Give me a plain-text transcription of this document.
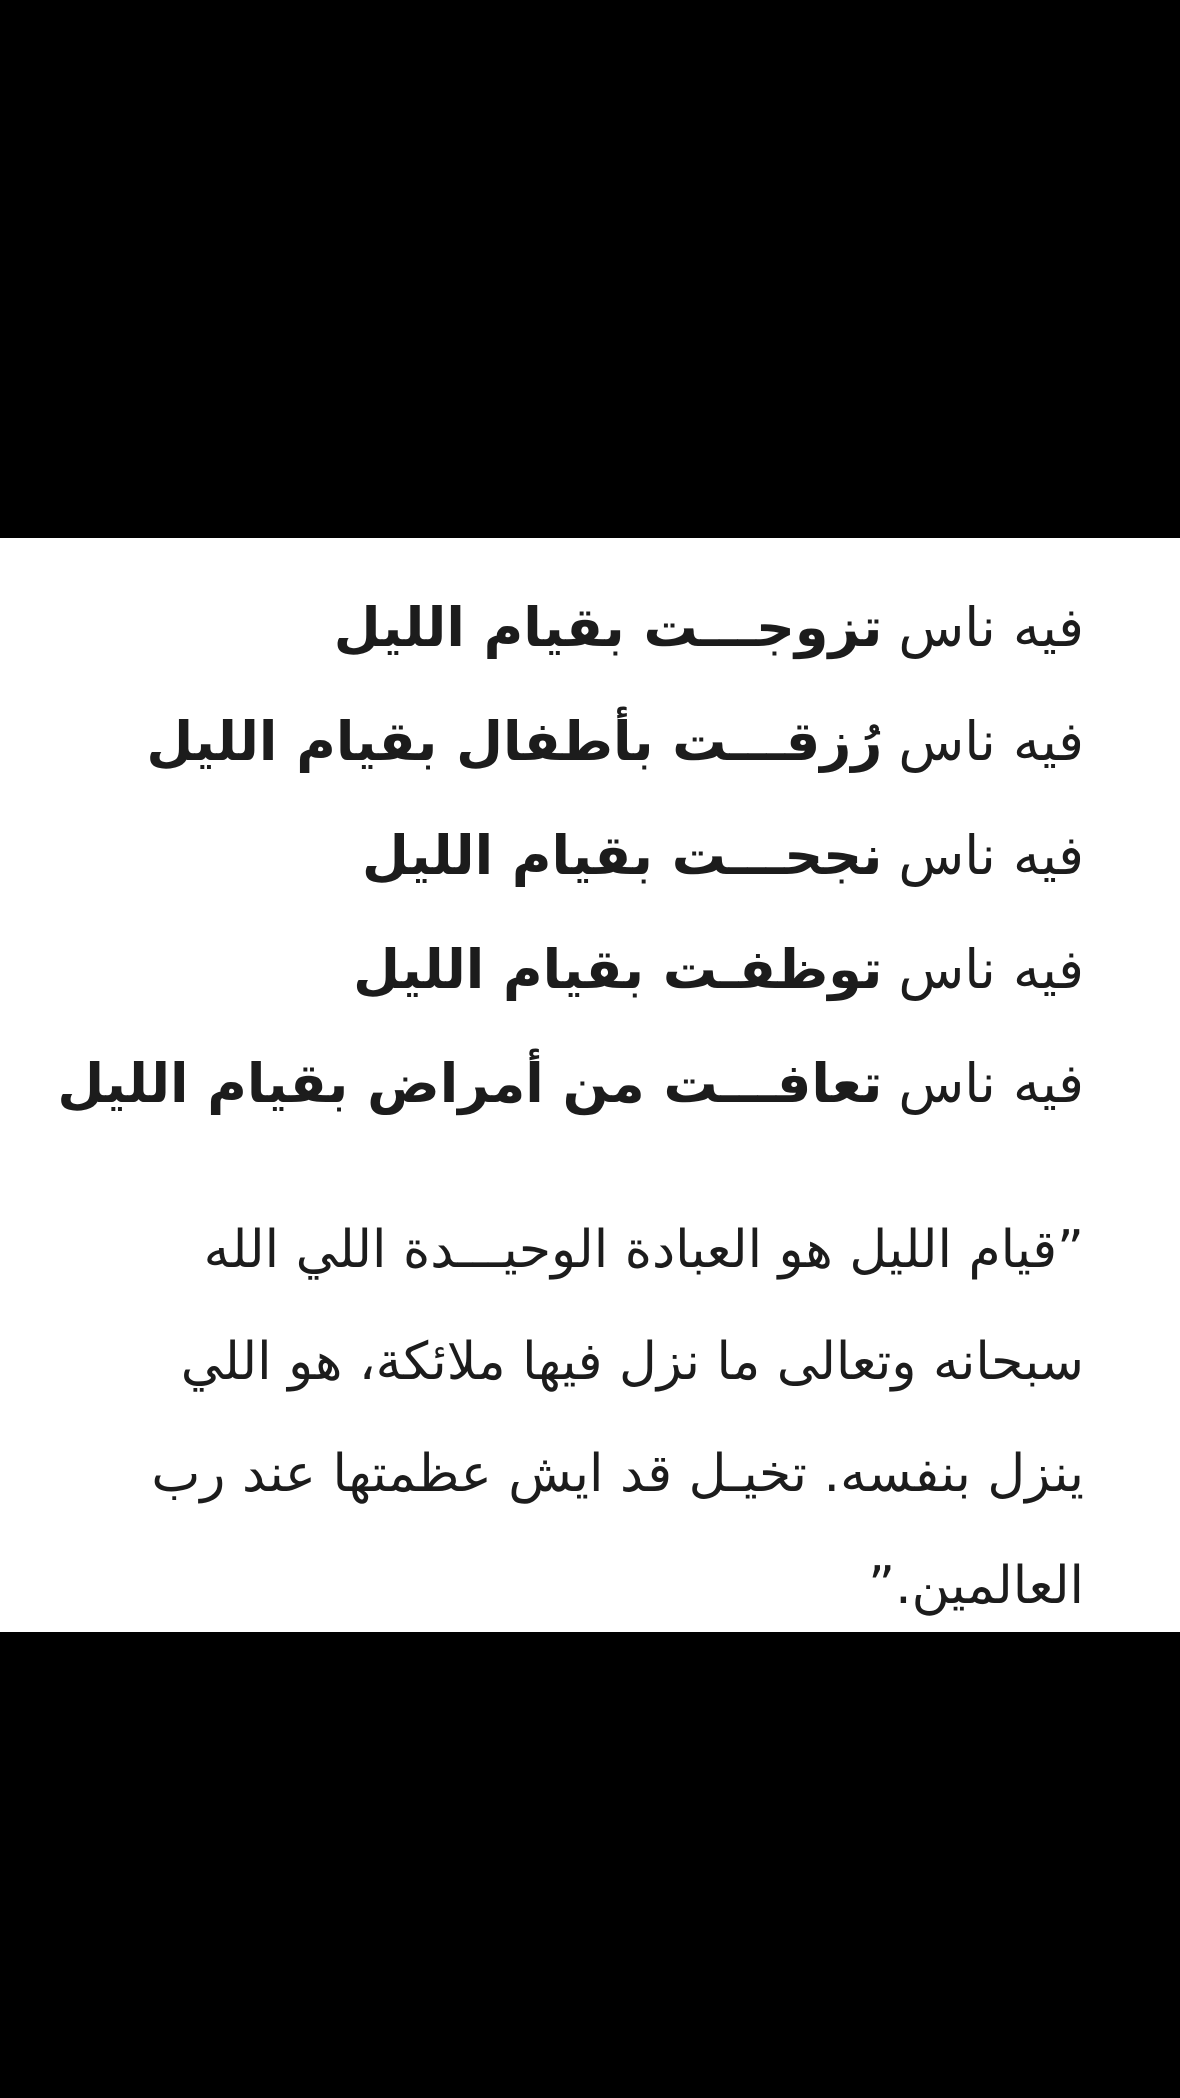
فيه ناس
تزوجـــت بقيام الليل
فيه ناس
رُزقـــت بأطفال بقيام الليل
فيه ناس
نجحـــت بقيام الليل
فيه ناس
توظفـت بقيام الليل
فيه ناس
تعافـــت من أمراض بقيام الليل

”قيام الليل هو العبادة الوحيـــدة اللي الله سبحانه وتعالى ما نزل فيها ملائكة، هو اللي ينزل بنفسه. تخيـل قد ايش عظمتها عند رب العالمين.”
